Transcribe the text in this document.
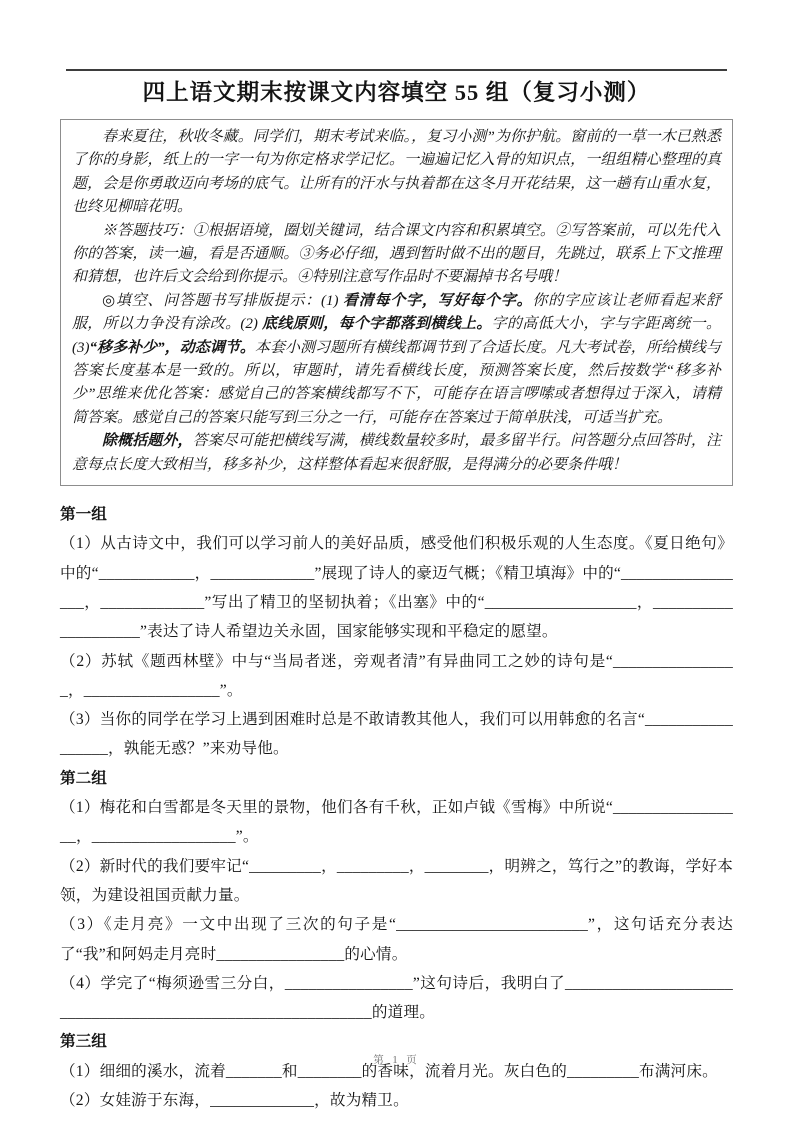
四上语文期末按课文内容填空 55 组（复习小测）

春来夏往，秋收冬藏。同学们，期末考试来临。，复习小测”为你护航。窗前的一草一木已熟悉了你的身影，纸上的一字一句为你定格求学记忆。一遍遍记忆入骨的知识点，一组组精心整理的真题，会是你勇敢迈向考场的底气。让所有的汗水与执着都在这冬月开花结果，这一趟有山重水复，也终见柳暗花明。

※答题技巧：①根据语境，圈划关键词，结合课文内容和积累填空。②写答案前，可以先代入你的答案，读一遍，看是否通顺。③务必仔细，遇到暂时做不出的题目，先跳过，联系上下文推理和猜想，也许后文会给到你提示。④特别注意写作品时不要漏掉书名号哦！

◎填空、问答题书写排版提示：(1) 看清每个字，写好每个字。你的字应该让老师看起来舒服，所以力争没有涂改。(2) 底线原则，每个字都落到横线上。字的高低大小，字与字距离统一。(3)“移多补少”，动态调节。本套小测习题所有横线都调节到了合适长度。凡大考试卷，所给横线与答案长度基本是一致的。所以，审题时，请先看横线长度，预测答案长度，然后按数学“移多补少”思维来优化答案：感觉自己的答案横线都写不下，可能存在语言啰嗦或者想得过于深入，请精简答案。感觉自己的答案只能写到三分之一行，可能存在答案过于简单肤浅，可适当扩充。

除概括题外，答案尽可能把横线写满，横线数量较多时，最多留半行。问答题分点回答时，注意每点长度大致相当，移多补少，这样整体看起来很舒服，是得满分的必要条件哦！

第一组

（1）从古诗文中，我们可以学习前人的美好品质，感受他们积极乐观的人生态度。《夏日绝句》中的“____________，_____________”展现了诗人的豪迈气概；《精卫填海》中的“_________________，_____________”写出了精卫的坚韧执着；《出塞》中的“___________________，____________________”表达了诗人希望边关永固，国家能够实现和平稳定的愿望。

（2）苏轼《题西林壁》中与“当局者迷，旁观者清”有异曲同工之妙的诗句是“________________，_________________”。

（3）当你的同学在学习上遇到困难时总是不敢请教其他人，我们可以用韩愈的名言“_________________，孰能无惑？”来劝导他。

第二组

（1）梅花和白雪都是冬天里的景物，他们各有千秋，正如卢钺《雪梅》中所说“_________________，__________________”。

（2）新时代的我们要牢记“_________，_________，________，明辨之，笃行之”的教诲，学好本领，为建设祖国贡献力量。

（3）《走月亮》一文中出现了三次的句子是“________________________”，这句话充分表达了“我”和阿妈走月亮时________________的心情。

（4）学完了“梅须逊雪三分白，________________”这句诗后，我明白了____________________________________________________________的道理。

第三组

（1）细细的溪水，流着_______和________的香味，流着月光。灰白色的_________布满河床。

（2）女娃游于东海，_____________，故为精卫。

第 1 页
